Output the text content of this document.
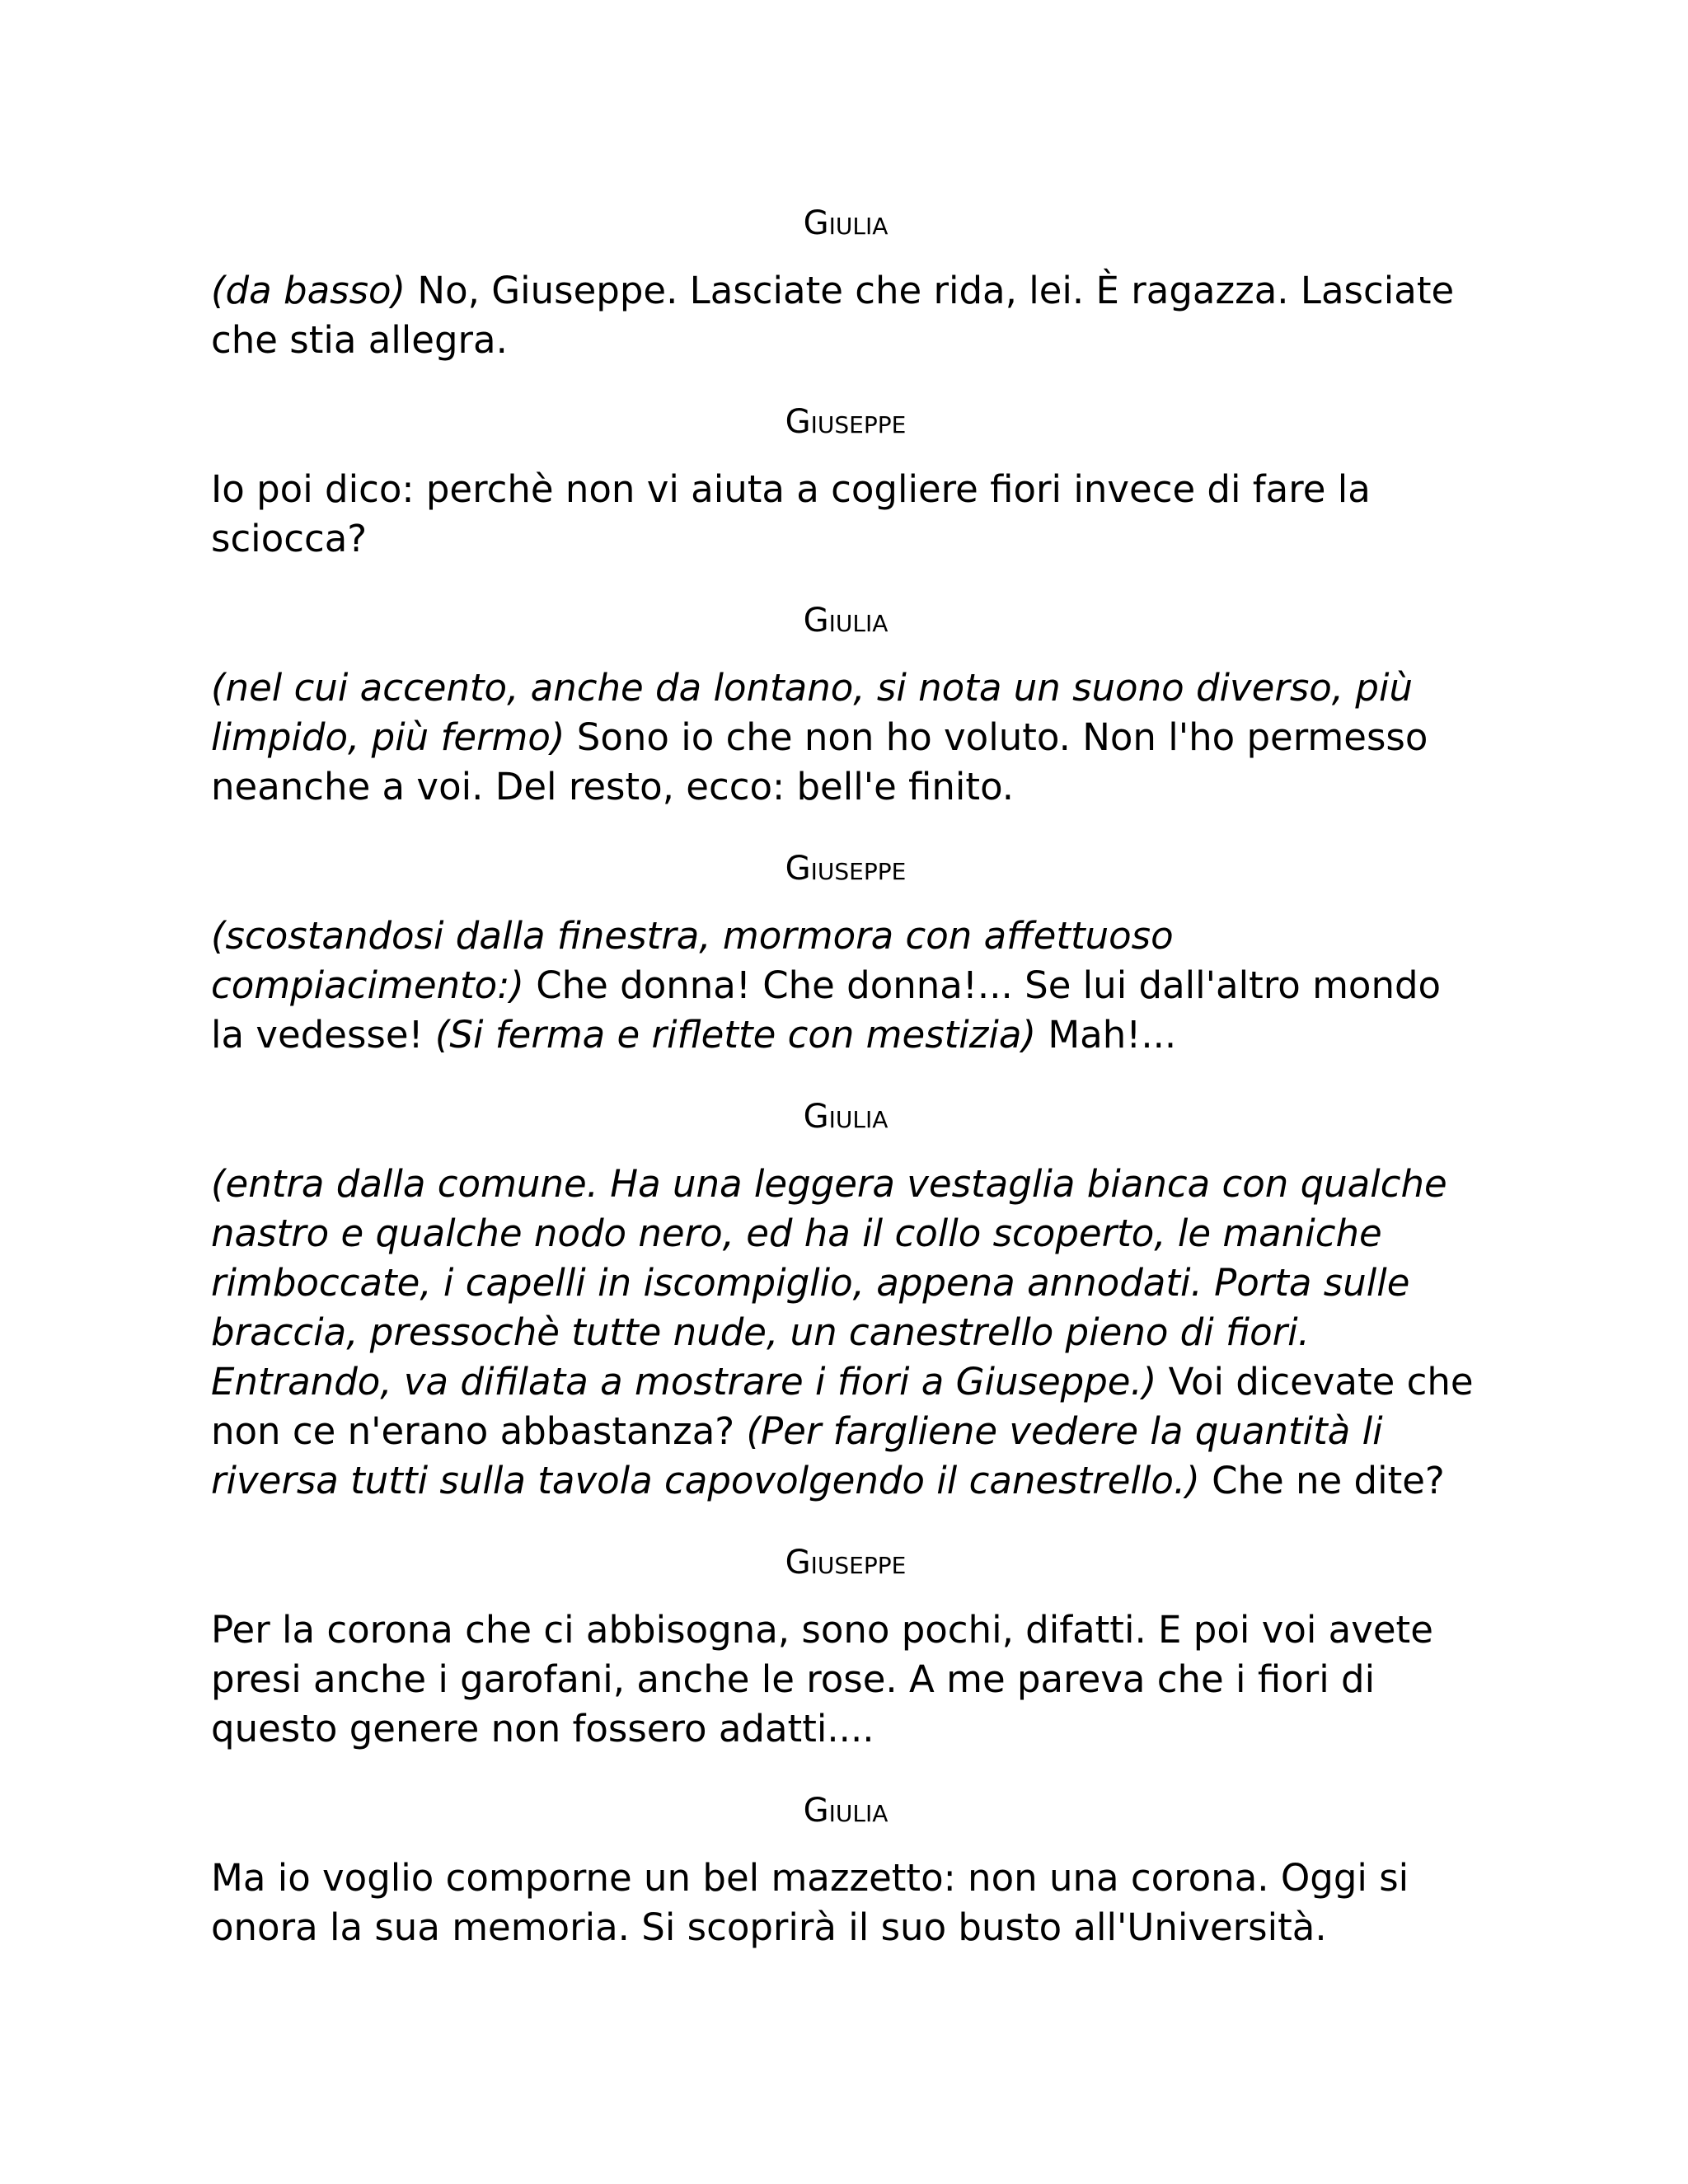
Giulia
(da basso) No, Giuseppe. Lasciate che rida, lei. È ragazza. Lasciate che stia allegra.
Giuseppe
Io poi dico: perchè non vi aiuta a cogliere fiori invece di fare la sciocca?
Giulia
(nel cui accento, anche da lontano, si nota un suono diverso, più limpido, più fermo) Sono io che non ho voluto. Non l'ho permesso neanche a voi. Del resto, ecco: bell'e finito.
Giuseppe
(scostandosi dalla finestra, mormora con affettuoso compiacimento:) Che donna! Che donna!... Se lui dall'altro mondo la vedesse! (Si ferma e riflette con mestizia) Mah!...
Giulia
(entra dalla comune. Ha una leggera vestaglia bianca con qualche nastro e qualche nodo nero, ed ha il collo scoperto, le maniche rimboccate, i capelli in iscompiglio, appena annodati. Porta sulle braccia, pressochè tutte nude, un canestrello pieno di fiori. Entrando, va difilata a mostrare i fiori a Giuseppe.) Voi dicevate che non ce n'erano abbastanza? (Per fargliene vedere la quantità li riversa tutti sulla tavola capovolgendo il canestrello.) Che ne dite?
Giuseppe
Per la corona che ci abbisogna, sono pochi, difatti. E poi voi avete presi anche i garofani, anche le rose. A me pareva che i fiori di questo genere non fossero adatti....
Giulia
Ma io voglio comporne un bel mazzetto: non una corona. Oggi si onora la sua memoria. Si scoprirà il suo busto all'Università.
